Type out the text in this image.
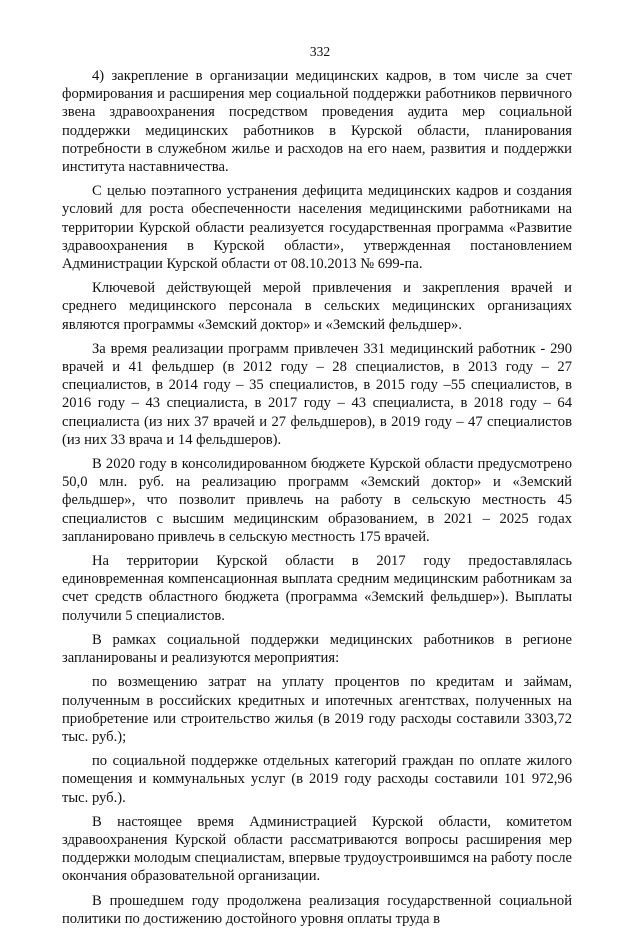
332

4) закрепление в организации медицинских кадров, в том числе за счет формирования и расширения мер социальной поддержки работников первичного звена здравоохранения посредством проведения аудита мер социальной поддержки медицинских работников в Курской области, планирования потребности в служебном жилье и расходов на его наем, развития и поддержки института наставничества.

С целью поэтапного устранения дефицита медицинских кадров и создания условий для роста обеспеченности населения медицинскими работниками на территории Курской области реализуется государственная программа «Развитие здравоохранения в Курской области», утвержденная постановлением Администрации Курской области от 08.10.2013 № 699-па.

Ключевой действующей мерой привлечения и закрепления врачей и среднего медицинского персонала в сельских медицинских организациях являются программы «Земский доктор» и «Земский фельдшер».

За время реализации программ привлечен 331 медицинский работник - 290 врачей и 41 фельдшер (в 2012 году – 28 специалистов, в 2013 году – 27 специалистов, в 2014 году – 35 специалистов, в 2015 году –55 специалистов, в 2016 году – 43 специалиста, в 2017 году – 43 специалиста, в 2018 году – 64 специалиста (из них 37 врачей и 27 фельдшеров), в 2019 году – 47 специалистов (из них 33 врача и 14 фельдшеров).

В 2020 году в консолидированном бюджете Курской области предусмотрено 50,0 млн. руб. на реализацию программ «Земский доктор» и «Земский фельдшер», что позволит привлечь на работу в сельскую местность 45 специалистов с высшим медицинским образованием, в 2021 – 2025 годах запланировано привлечь в сельскую местность 175 врачей.

На территории Курской области в 2017 году предоставлялась единовременная компенсационная выплата средним медицинским работникам за счет средств областного бюджета (программа «Земский фельдшер»). Выплаты получили 5 специалистов.

В рамках социальной поддержки медицинских работников в регионе запланированы и реализуются мероприятия:

по возмещению затрат на уплату процентов по кредитам и займам, полученным в российских кредитных и ипотечных агентствах, полученных на приобретение или строительство жилья (в 2019 году расходы составили 3303,72 тыс. руб.);

по социальной поддержке отдельных категорий граждан по оплате жилого помещения и коммунальных услуг (в 2019 году расходы составили 101 972,96 тыс. руб.).

В настоящее время Администрацией Курской области, комитетом здравоохранения Курской области рассматриваются вопросы расширения мер поддержки молодым специалистам, впервые трудоустроившимся на работу после окончания образовательной организации.

В прошедшем году продолжена реализация государственной социальной политики по достижению достойного уровня оплаты труда в
